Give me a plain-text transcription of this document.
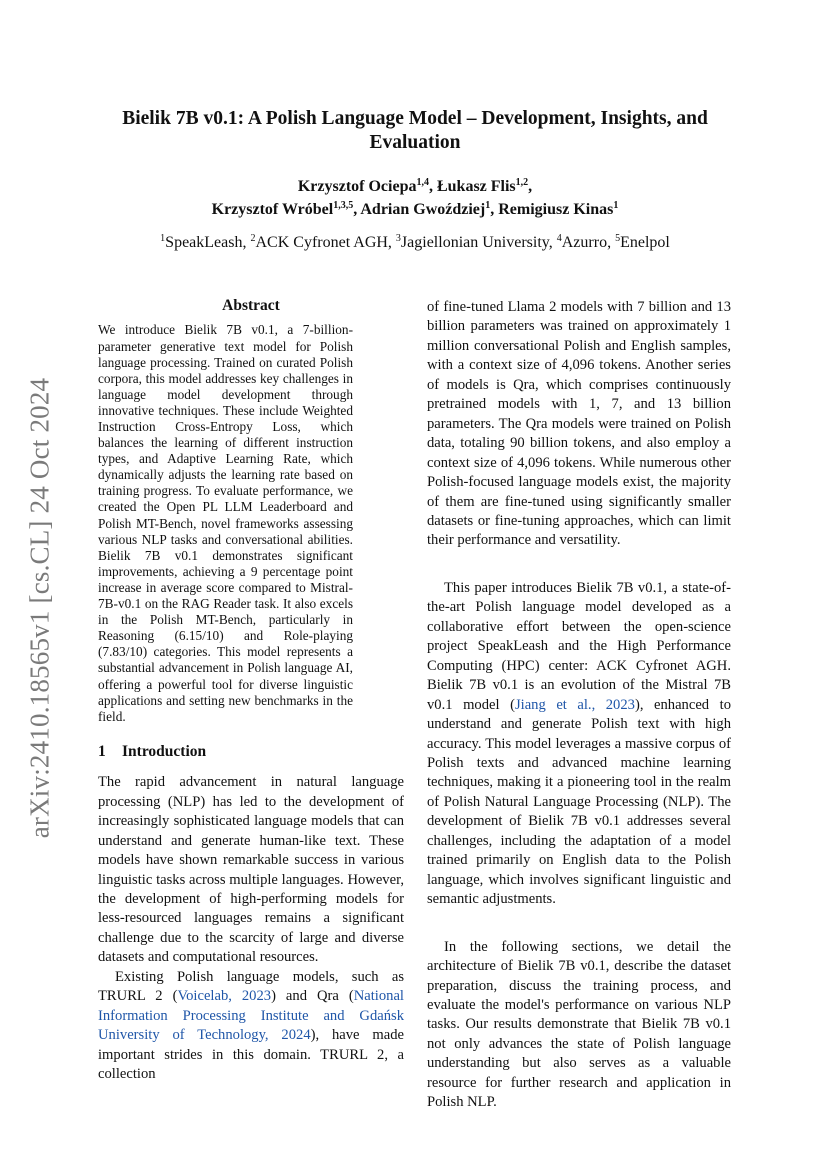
arXiv:2410.18565v1 [cs.CL] 24 Oct 2024
Bielik 7B v0.1: A Polish Language Model – Development, Insights, and Evaluation
Krzysztof Ociepa$^{1,4}$, Łukasz Flis$^{1,2}$,
Krzysztof Wróbel$^{1,3,5}$, Adrian Gwoździej$^1$, Remigiusz Kinas$^1$
$^1$SpeakLeash, $^2$ACK Cyfronet AGH, $^3$Jagiellonian University, $^4$Azurro, $^5$Enelpol
Abstract

We introduce Bielik 7B v0.1, a 7-billion-parameter generative text model for Polish language processing. Trained on curated Polish corpora, this model addresses key challenges in language model development through innovative techniques. These include Weighted Instruction Cross-Entropy Loss, which balances the learning of different instruction types, and Adaptive Learning Rate, which dynamically adjusts the learning rate based on training progress. To evaluate performance, we created the Open PL LLM Leaderboard and Polish MT-Bench, novel frameworks assessing various NLP tasks and conversational abilities. Bielik 7B v0.1 demonstrates significant improvements, achieving a 9 percentage point increase in average score compared to Mistral-7B-v0.1 on the RAG Reader task. It also excels in the Polish MT-Bench, particularly in Reasoning (6.15/10) and Role-playing (7.83/10) categories. This model represents a substantial advancement in Polish language AI, offering a powerful tool for diverse linguistic applications and setting new benchmarks in the field.

1 Introduction

The rapid advancement in natural language processing (NLP) has led to the development of increasingly sophisticated language models that can understand and generate human-like text. These models have shown remarkable success in various linguistic tasks across multiple languages. However, the development of high-performing models for less-resourced languages remains a significant challenge due to the scarcity of large and diverse datasets and computational resources.

Existing Polish language models, such as TRURL 2 (Voicelab, 2023) and Qra (National Information Processing Institute and Gdańsk University of Technology, 2024), have made important strides in this domain. TRURL 2, a collection

of fine-tuned Llama 2 models with 7 billion and 13 billion parameters was trained on approximately 1 million conversational Polish and English samples, with a context size of 4,096 tokens. Another series of models is Qra, which comprises continuously pretrained models with 1, 7, and 13 billion parameters. The Qra models were trained on Polish data, totaling 90 billion tokens, and also employ a context size of 4,096 tokens. While numerous other Polish-focused language models exist, the majority of them are fine-tuned using significantly smaller datasets or fine-tuning approaches, which can limit their performance and versatility.

This paper introduces Bielik 7B v0.1, a state-of-the-art Polish language model developed as a collaborative effort between the open-science project SpeakLeash and the High Performance Computing (HPC) center: ACK Cyfronet AGH. Bielik 7B v0.1 is an evolution of the Mistral 7B v0.1 model (Jiang et al., 2023), enhanced to understand and generate Polish text with high accuracy. This model leverages a massive corpus of Polish texts and advanced machine learning techniques, making it a pioneering tool in the realm of Polish Natural Language Processing (NLP). The development of Bielik 7B v0.1 addresses several challenges, including the adaptation of a model trained primarily on English data to the Polish language, which involves significant linguistic and semantic adjustments.

In the following sections, we detail the architecture of Bielik 7B v0.1, describe the dataset preparation, discuss the training process, and evaluate the model's performance on various NLP tasks. Our results demonstrate that Bielik 7B v0.1 not only advances the state of Polish language understanding but also serves as a valuable resource for further research and application in Polish NLP.
